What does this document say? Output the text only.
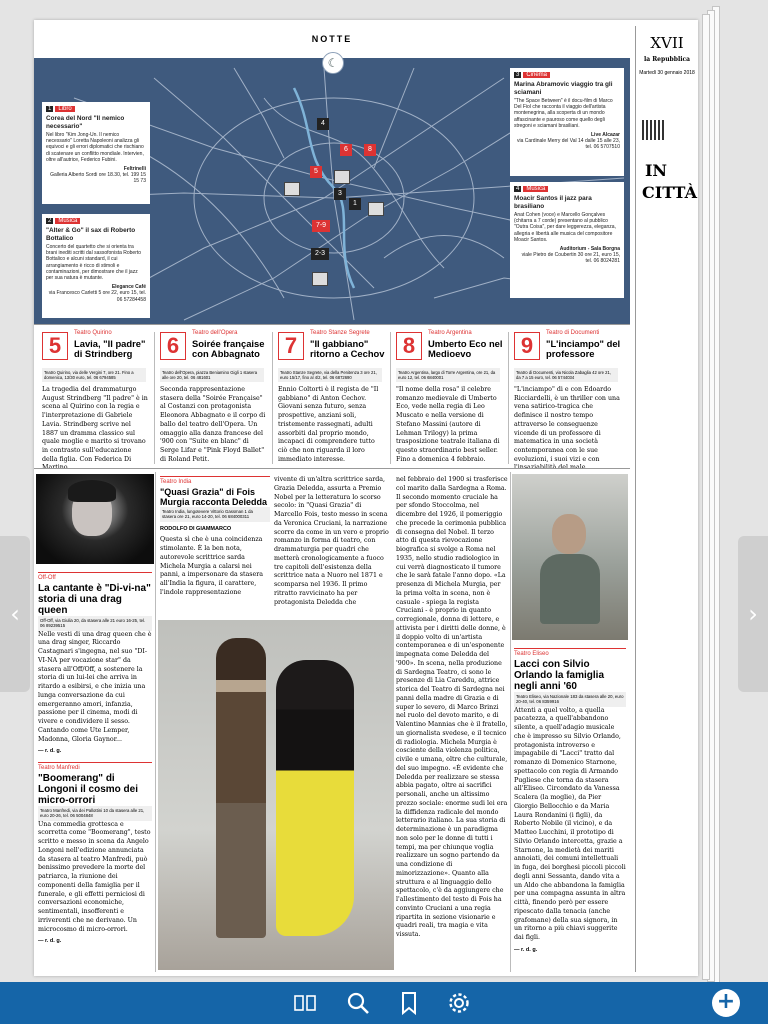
NOTTE	XVII
la Repubblica
Martedì 30 gennaio 2018
IN CITTÀ
4
6	8
5
3
1
7-9
2-3
1 Libro
Corea del Nord "Il nemico necessario"
Nel libro "Kim Jong-Un. Il nemico necessario" Loretta Napoleoni analizza gli equivoci e gli errori diplomatici che rischiano di scatenare un conflitto mondiale. Intervien, oltre all'autrice, Federico Fubini.
Feltrinelli
Galleria Alberto Sordi ore 18.30, tel. 199 15 15 73
2 Musica
"Alter & Go" il sax di Roberto Bottalico
Concerto del quartetto che si orienta tra brani inediti scritti dal sassofonista Roberto Bottalico e alcuni standard, il cui arrangiamento è ricco di stimoli e contaminazioni, per dimostrare che il jazz per sua natura è mutante.
Elegance Café
via Francesco Carletti 5 ore 22, euro 15, tel. 06 57284458
3 Cinema
Marina Abramovic viaggio tra gli sciamani
"The Space Between" è il docu-film di Marco Del Fiol che racconta il viaggio dell'artista montenegrina, alla scoperta di un mondo affascinante e pauroso come quello degli stregoni e sciamani brasiliani.
Live Alcazar
via Cardinale Merry del Val 14 dalle 15 alle 23, tel. 06 5707510
4 Musica
Moacir Santos il jazz para brasiliano
Anat Cohen (voce) e Marcello Gonçalves (chitarra a 7 corde) presentano al pubblico "Outra Coisa", per dare leggerezza, eleganza, allegria e libertà alle musica del compositore Moacir Santos.
Auditorium - Sala Borgna
viale Pietro de Coubertin 30 ore 21, euro 15, tel. 06 8024281
☾
5	Teatro Quirino
Lavia, "Il padre" di Strindberg
Teatro Quirino, via delle Vergini 7, ore 21. Fino a domenica, 13/30 euro, tel. 06 6794585
La tragedia del drammaturgo August Strindberg "Il padre" è in scena al Quirino con la regia e l'interpretazione di Gabriele Lavia. Strindberg scrive nel 1887 un dramma classico sul quale moglie e marito si trovano in contrasto sull'educazione della figlia. Con Federica Di
6	Teatro dell'Opera
Soirée française con Abbagnato
Teatro dell'Opera, piazza Beniamino Gigli 1 stasera alle ore 20, tel. 06 481601
Seconda rappresentazione stasera della "Soirée Française" al Costanzi con protagonista Eleonora Abbagnato e il corpo di ballo del teatro dell'Opera. Un omaggio alla danza francese del '900 con "Suite en blanc" di Serge Lifar e "Pink Floyd Ballet" di Roland Petit.
7	Teatro Stanze Segrete
"Il gabbiano" ritorno a Cechov
Teatro Stanze Segrete, via della Penitenza 3 ore 21, euro 15/17, fino al 4/2, tel. 06 6872690
Ennio Coltorti è il regista de "Il gabbiano" di Anton Cechov. Giovani senza futuro, senza prospettive, anziani soli, tristemente rassegnati, adulti assorbiti dal proprio mondo, incapaci di comprendere tutto ciò che non riguarda il loro immediato interesse.
8	Teatro Argentina
Umberto Eco nel Medioevo
Teatro Argentina, largo di Torre Argentina, ore 21, da euro 12, tel. 06 6840001
"Il nome della rosa" il celebre romanzo medievale di Umberto Eco, vede nella regia di Leo Muscato e nella versione di Stefano Massini (autore di Lehman Trilogy) la prima trasposizione teatrale italiana di questo straordinario best seller. Fino a domenica 4 febbraio.
9	Teatro di Documenti
"L'inciampo" del professore
Teatro di Documenti, via Nicola Zabaglia 42 ore 21, da 7 a 15 euro, tel. 06 5744034
"L'inciampo" di e con Edoardo Ricciardelli, è un thriller con una vena satirico-tragica che definisce il nostro tempo attraverso le conseguenze vicende di un professore di matematica in una società contemporanea con le sue evoluzioni, i suoi vizi e con
Off-Off
La cantante è "Di-vi-na" storia di una drag queen
Off-Off, via Giulia 20, da stasera alle 21 euro 16-25, tel. 06 89239515
Nelle vesti di una drag queen che è una drag singer, Riccardo Castagnari s'ingegna, nel suo "DI-VI-NA per vocazione star" da stasera all'Off/Off, a sostenere la storia di un lui-lei che arriva in ritardo a esibirsi, e che inizia una lunga conversazione da cui emergeranno amori, infanzia, passione per il cinema, modi di vivere e condividere il sesso. Cantando come Ute Lemper, Madonna, Gloria Gaynor...
— r. d. g.
Teatro Manfredi
"Boomerang" di Longoni il cosmo dei micro-orrori
Teatro Manfredi, via dei Pallottini 10 da stasera alle 21, euro 20-26, tel. 06 5004848
Una commedia grottesca e scorretta come "Boomerang", testo scritto e messo in scena da Angelo Longoni nell'edizione annunciata da stasera al teatro Manfredi, può benissimo prevedere la morte del patriarca, la riunione dei componenti della famiglia per il funerale, e gli effetti perniciosi di conversazioni economiche, sentimentali, insofferenti e irriverenti che ne derivano. Un microcosmo di micro-orrori.
— r. d. g.
Teatro India
"Quasi Grazia" di Fois Murgia racconta Deledda
Teatro India, lungotevere Vittorio Gassman 1 da stasera ore 21, euro 14-20, tel. 06 684000311
RODOLFO DI GIAMMARCO
Questa sì che è una coincidenza stimolante. È la ben nota, autorevole scrittrice sarda Michela Murgia a calarsi nei panni, a impersonare da stasera all'India la figura, il carattere, l'indole rappresentazione
vivente di un'altra scrittrice sarda, Grazia Deledda, assurta a Premio Nobel per la letteratura lo scorso secolo: in "Quasi Grazia" di Marcello Fois, testo messo in scena da Veronica Cruciani, la narrazione scorre da come in un vero e proprio romanzo in forma di teatro, con drammaturgia per quadri che metterà cronologicamente a fuoco tre capitoli dell'esistenza della scrittrice nata a Nuoro nel 1871 e scomparsa nel 1936. Il primo ritratto ravvicinato ha per protagonista Deledda che
nel febbraio del 1900 si trasferisce col marito dalla Sardegna a Roma. Il secondo momento cruciale ha per sfondo Stoccolma, nel dicembre del 1926, il pomeriggio che precede la cerimonia pubblica di consegna del Nobel. Il terzo atto di questa rievocazione biografica si svolge a Roma nel 1935, nello studio radiologico in cui verrà diagnosticato il tumore che le sarà fatale l'anno dopo. «La presenza di Michela Murgia, per la prima volta in scena, non è casuale - spiega la regista Cruciani - è proprio in quanto corregionale, donna di lettere, e attivista per i diritti delle donne, è il doppio volto di un'artista contemporanea e di un'esponente impegnata come Deledda del '900». In scena, nella produzione di Sardegna Teatro, ci sono le presenze di Lia Careddu, attrice storica del Teatro di Sardegna nei panni della madre di Grazia e di super lo severo, di Marco Brinzi nel ruolo del devoto marito, e di Valentino Mannias che è il fratello, un giornalista svedese, e il tecnico di radiologia. Michela Murgia è cosciente della violenza politica, civile e umana, oltre che culturale, del suo impegno. «È evidente che Deledda per realizzare se stessa abbia pagato, oltre ai sacrifici personali, anche un altissimo prezzo sociale: enorme sudi lei era la diffidenza radicale del mondo letterario italiano. La sua storia di determinazione è un paradigma non solo per le donne di tutti i tempi, ma per chiunque voglia realizzare un sogno partendo da una condizione di minorizzazione». Quanto alla struttura e al linguaggio dello spettacolo, c'è da aggiungere che l'allestimento del testo di Fois ha convinto Cruciani a una regia ripartita in sezione visionarie e quadri reali, tra magia e vita vissuta.
Teatro Eliseo
Lacci con Silvio Orlando la famiglia negli anni '60
Teatro Eliseo, via Nazionale 183 da stasera alle 20, euro 20-40, tel. 06 8359916
Attenti a quel volto, a quella pacatezza, a quell'abbandono silente, a quell'adagio musicale che è impresso su Silvio Orlando, protagonista introverso e impagabile di "Lacci" tratto dal romanzo di Domenico Starnone, spettacolo con regia di Armando Pugliese che torna da stasera all'Eliseo. Circondato da Vanessa Scalera (la moglie), da Pier Giorgio Bellocchio e da Maria Laura Rondanini (i figli), da Roberto Nobile (il vicino), e da Matteo Lucchini, il prototipo di Silvio Orlando intercetta, grazie a Starnone, la medietà dei mariti annoiati, dei comuni intellettuali in fuga, dei borghesi piccoli piccoli degli anni Sessanta, dando vita a un Aldo che abbandona la famiglia per una compagna assunta in altra città, finendo però per essere ripescato dalla tenacia (anche grafomane) della sua signora, in un ritorno a più chiavi suggerite dai figli.
— r. d. g.
‹	›
+
